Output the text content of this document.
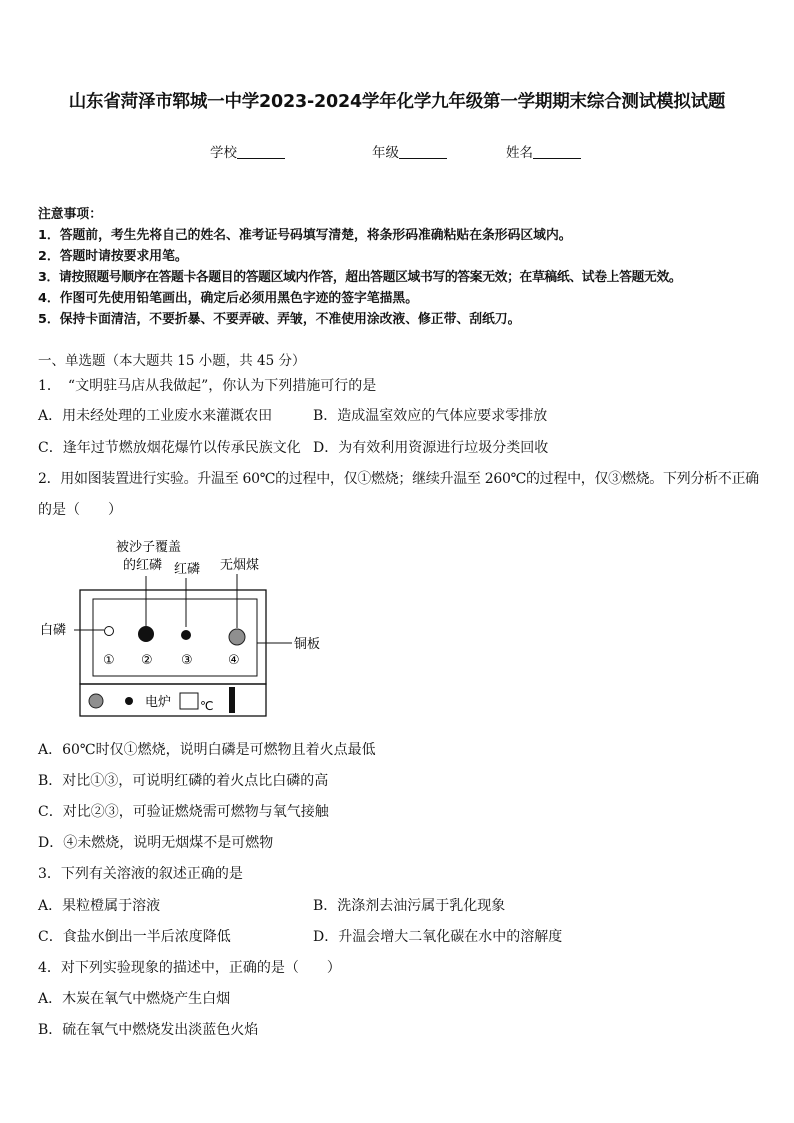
山东省菏泽市郓城一中学2023-2024学年化学九年级第一学期期末综合测试模拟试题
学校	年级	姓名
注意事项：
1．答题前，考生先将自己的姓名、准考证号码填写清楚，将条形码准确粘贴在条形码区域内。
2．答题时请按要求用笔。
3．请按照题号顺序在答题卡各题目的答题区域内作答，超出答题区域书写的答案无效；在草稿纸、试卷上答题无效。
4．作图可先使用铅笔画出，确定后必须用黑色字迹的签字笔描黑。
5．保持卡面清洁，不要折暴、不要弄破、弄皱，不准使用涂改液、修正带、刮纸刀。
一、单选题（本大题共 15 小题，共 45 分）
1．　“文明驻马店从我做起”，你认为下列措施可行的是
A．用未经处理的工业废水来灌溉农田	B．造成温室效应的气体应要求零排放
C．逢年过节燃放烟花爆竹以传承民族文化 D．为有效利用资源进行垃圾分类回收
2．用如图装置进行实验。升温至 60℃的过程中，仅①燃烧；继续升温至 260℃的过程中，仅③燃烧。下列分析不正确
的是（　　）
被沙子覆盖
的红磷 红磷 无烟煤
白磷
铜板
① ② ③	④
电炉 ℃
A．60℃时仅①燃烧，说明白磷是可燃物且着火点最低
B．对比①③，可说明红磷的着火点比白磷的高
C．对比②③，可验证燃烧需可燃物与氧气接触
D．④未燃烧，说明无烟煤不是可燃物
3．下列有关溶液的叙述正确的是
A．果粒橙属于溶液	B．洗涤剂去油污属于乳化现象
C．食盐水倒出一半后浓度降低	D．升温会增大二氧化碳在水中的溶解度
4．对下列实验现象的描述中，正确的是（　　）
A．木炭在氧气中燃烧产生白烟
B．硫在氧气中燃烧发出淡蓝色火焰
